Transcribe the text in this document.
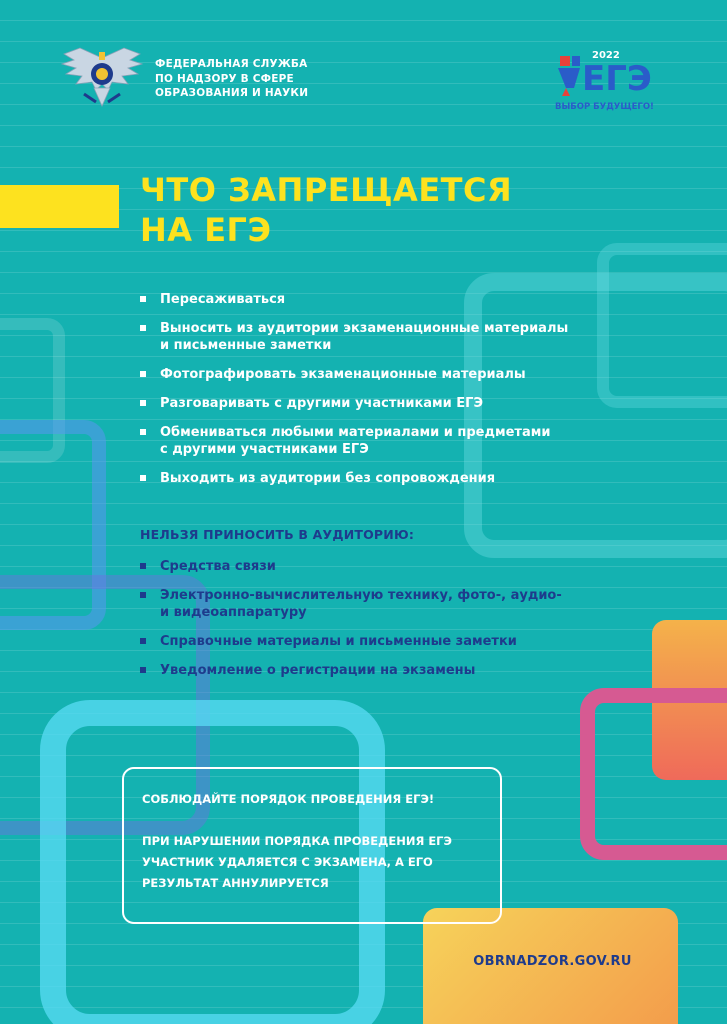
ФЕДЕРАЛЬНАЯ СЛУЖБА
ПО НАДЗОРУ В СФЕРЕ
ОБРАЗОВАНИЯ И НАУКИ

2022
ЕГЭ
ВЫБОР БУДУЩЕГО!
ЧТО ЗАПРЕЩАЕТСЯ
НА ЕГЭ
Пересаживаться
Выносить из аудитории экзаменационные материалы
и письменные заметки
Фотографировать экзаменационные материалы
Разговаривать с другими участниками ЕГЭ
Обмениваться любыми материалами и предметами
с другими участниками ЕГЭ
Выходить из аудитории без сопровождения

НЕЛЬЗЯ ПРИНОСИТЬ В АУДИТОРИЮ:

Средства связи
Электронно-вычислительную технику, фото-, аудио-
и видеоаппаратуру
Справочные материалы и письменные заметки
Уведомление о регистрации на экзамены

СОБЛЮДАЙТЕ ПОРЯДОК ПРОВЕДЕНИЯ ЕГЭ!

ПРИ НАРУШЕНИИ ПОРЯДКА ПРОВЕДЕНИЯ ЕГЭ
УЧАСТНИК УДАЛЯЕТСЯ С ЭКЗАМЕНА, А ЕГО
РЕЗУЛЬТАТ АННУЛИРУЕТСЯ

OBRNADZOR.GOV.RU
